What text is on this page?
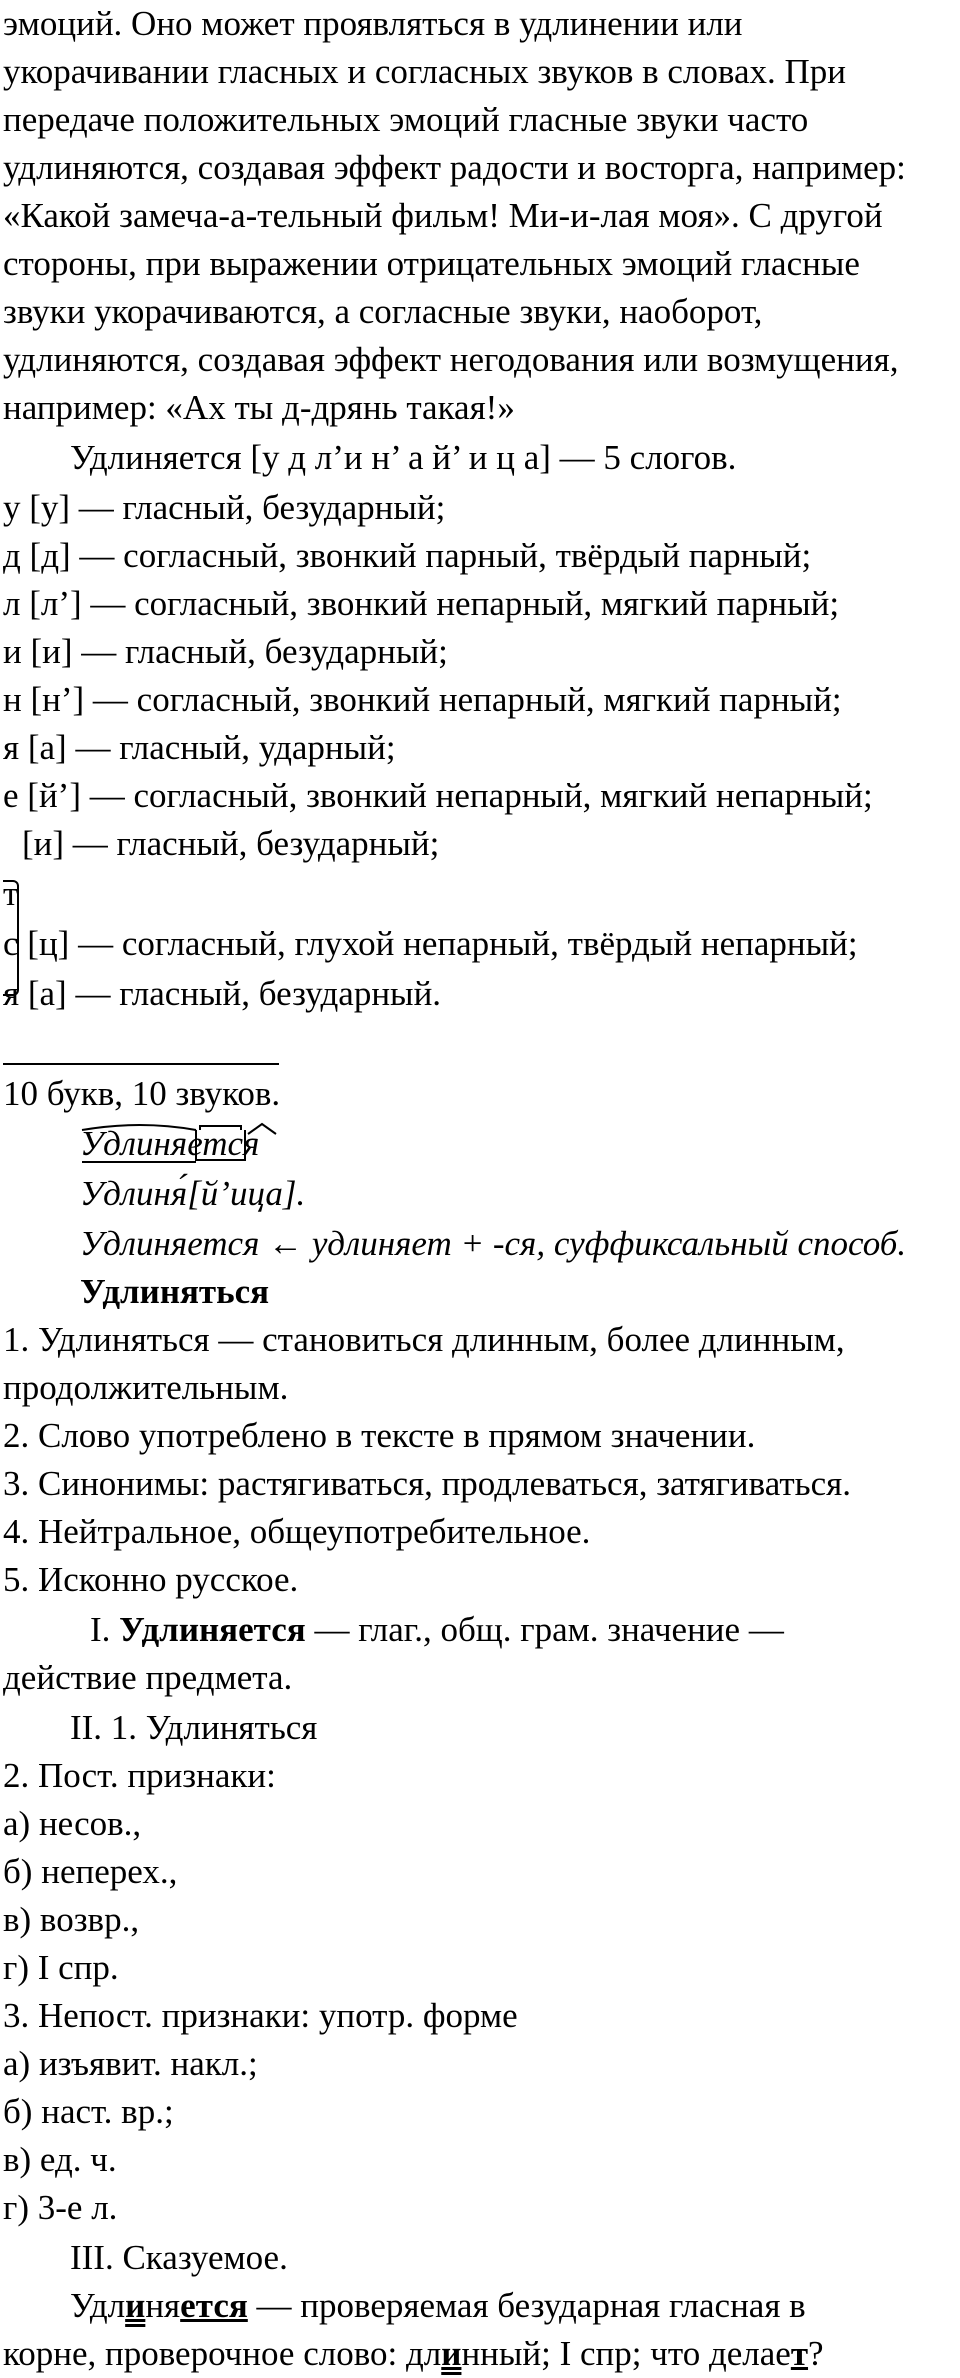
эмоций. Оно может проявляться в удлинении или
укорачивании гласных и согласных звуков в словах. При
передаче положительных эмоций гласные звуки часто
удлиняются, создавая эффект радости и восторга, например:
«Какой замеча-а-тельный фильм! Ми-и-лая моя». С другой
стороны, при выражении отрицательных эмоций гласные
звуки укорачиваются, а согласные звуки, наоборот,
удлиняются, создавая эффект негодования или возмущения,
например: «Ах ты д-дрянь такая!»
Удлиняется [у д л’и н’ а й’ и ц а] — 5 слогов.
у [у] — гласный, безударный;
д [д] — согласный, звонкий парный, твёрдый парный;
л [л’] — согласный, звонкий непарный, мягкий парный;
и [и] — гласный, безударный;
н [н’] — согласный, звонкий непарный, мягкий парный;
я [а] — гласный, ударный;
е [й’] — согласный, звонкий непарный, мягкий непарный;
[и] — гласный, безударный;
т
с [ц] — согласный, глухой непарный, твёрдый непарный;
я [а] — гласный, безударный.
10 букв, 10 звуков.
Удлиняется
Удлиня́[й’ица].
Удлиняется ← удлиняет + -ся, суффиксальный способ.
Удлиняться
1. Удлиняться — становиться длинным, более длинным,
продолжительным.
2. Слово употреблено в тексте в прямом значении.
3. Синонимы: растягиваться, продлеваться, затягиваться.
4. Нейтральное, общеупотребительное.
5. Исконно русское.
I. Удлиняется — глаг., общ. грам. значение —
действие предмета.
II. 1. Удлиняться
2. Пост. признаки:
а) несов.,
б) неперех.,
в) возвр.,
г) I спр.
3. Непост. признаки: употр. форме
а) изъявит. накл.;
б) наст. вр.;
в) ед. ч.
г) 3-е л.
III. Сказуемое.
Удлиняется — проверяемая безударная гласная в
корне, проверочное слово: длинный; I спр; что делает?
